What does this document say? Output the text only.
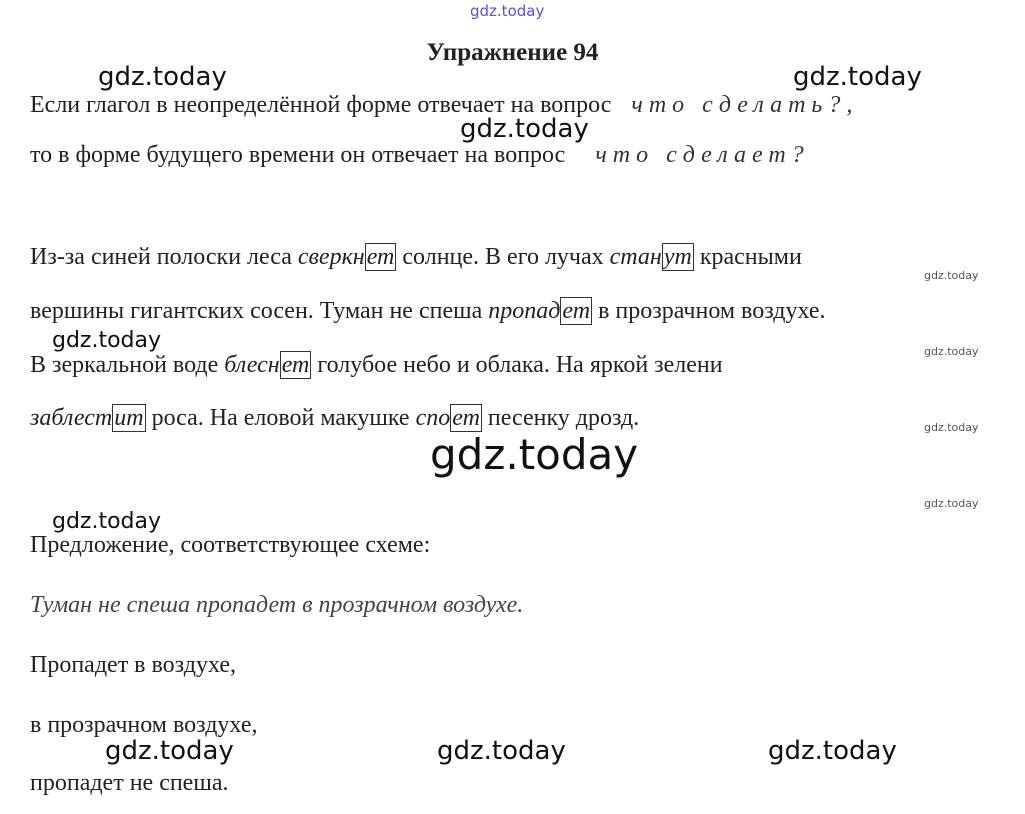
gdz.today
gdz.today	gdz.today
gdz.today
gdz.today
gdz.today	gdz.today
gdz.today
gdz.today
gdz.today
gdz.today
gdz.today	gdz.today	gdz.today
Упражнение 94
Если глагол в неопределённой форме отвечает на вопрос что сделать?,
то в форме будущего времени он отвечает на вопрос что сделает?
Из-за синей полоски леса сверкнет солнце. В его лучах станут красными
вершины гигантских сосен. Туман не спеша пропадет в прозрачном воздухе.
В зеркальной воде блеснет голубое небо и облака. На яркой зелени
заблестит роса. На еловой макушке споет песенку дрозд.
Предложение, соответствующее схеме:
Туман не спеша пропадет в прозрачном воздухе.
Пропадет в воздухе,
в прозрачном воздухе,
пропадет не спеша.
